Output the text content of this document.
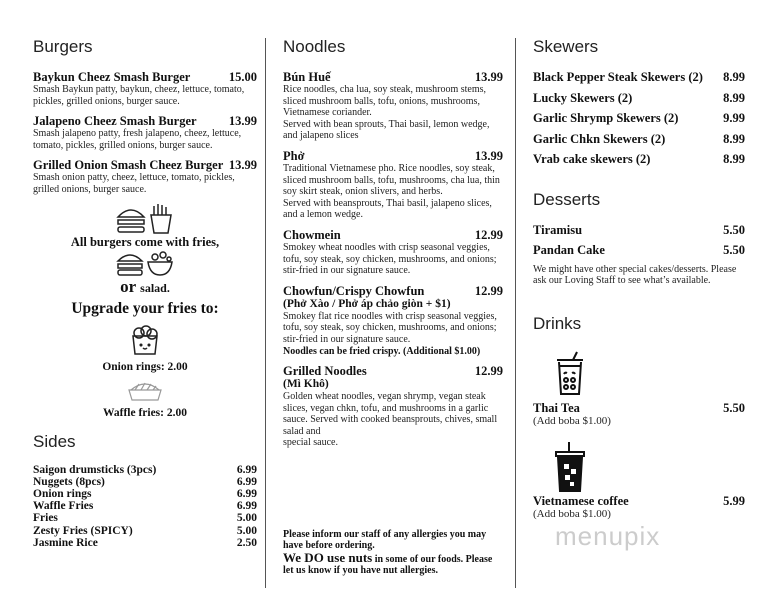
Burgers
Baykun Cheez Smash Burger	15.00
Smash Baykun patty, baykun, cheez, lettuce, tomato, pickles, grilled onions, burger sauce.
Jalapeno Cheez Smash Burger	13.99
Smash jalapeno patty, fresh jalapeno, cheez, lettuce, tomato, pickles, grilled onions, burger sauce.
Grilled Onion Smash Cheez Burger 13.99
Smash onion patty, cheez, lettuce, tomato, pickles, grilled onions, burger sauce.
All burgers come with fries,
or salad.
Upgrade your fries to:
Onion rings: 2.00
Waffle fries: 2.00
Sides
Saigon drumsticks (3pcs)	6.99
Nuggets (8pcs)	6.99
Onion rings	6.99
Waffle Fries	6.99
Fries	5.00
Zesty Fries (SPICY)	5.00
Jasmine Rice	2.50
Noodles
Bún Huế	13.99
Rice noodles, cha lua, soy steak, mushroom stems, sliced mushroom balls, tofu, onions, mushrooms, Vietnamese coriander.
Served with bean sprouts, Thai basil, lemon wedge, and jalapeno slices
Phở	13.99
Traditional Vietnamese pho. Rice noodles, soy steak, sliced mushroom balls, tofu, mushrooms, cha lua, thin soy skirt steak, onion slivers, and herbs.
Served with beansprouts, Thai basil, jalapeno slices, and a lemon wedge.
Chowmein	12.99
Smokey wheat noodles with crisp seasonal veggies, tofu, soy steak, soy chicken, mushrooms, and onions; stir-fried in our signature sauce.
Chowfun/Crispy Chowfun	12.99
(Phở Xào / Phở áp chảo giòn + $1)
Smokey flat rice noodles with crisp seasonal veggies, tofu, soy steak, soy chicken, mushrooms, and onions; stir-fried in our signature sauce.
Noodles can be fried crispy. (Additional $1.00)
Grilled Noodles	12.99
(Mì Khô)
Golden wheat noodles, vegan shrymp, vegan steak slices, vegan chkn, tofu, and mushrooms in a garlic sauce. Served with cooked beansprouts, chives, small salad and
special sauce.
Please inform our staff of any allergies you may have before ordering.
We DO use nuts in some of our foods. Please let us know if you have nut allergies.
Skewers
Black Pepper Steak Skewers (2)	8.99
Lucky Skewers (2)	8.99
Garlic Shrymp Skewers (2)	9.99
Garlic Chkn Skewers (2)	8.99
Vrab cake skewers (2)	8.99
Desserts
Tiramisu	5.50
Pandan Cake	5.50
We might have other special cakes/desserts. Please ask our Loving Staff to see what’s available.
Drinks
Thai Tea	5.50
(Add boba $1.00)
Vietnamese coffee	5.99
(Add boba $1.00)
menupix
